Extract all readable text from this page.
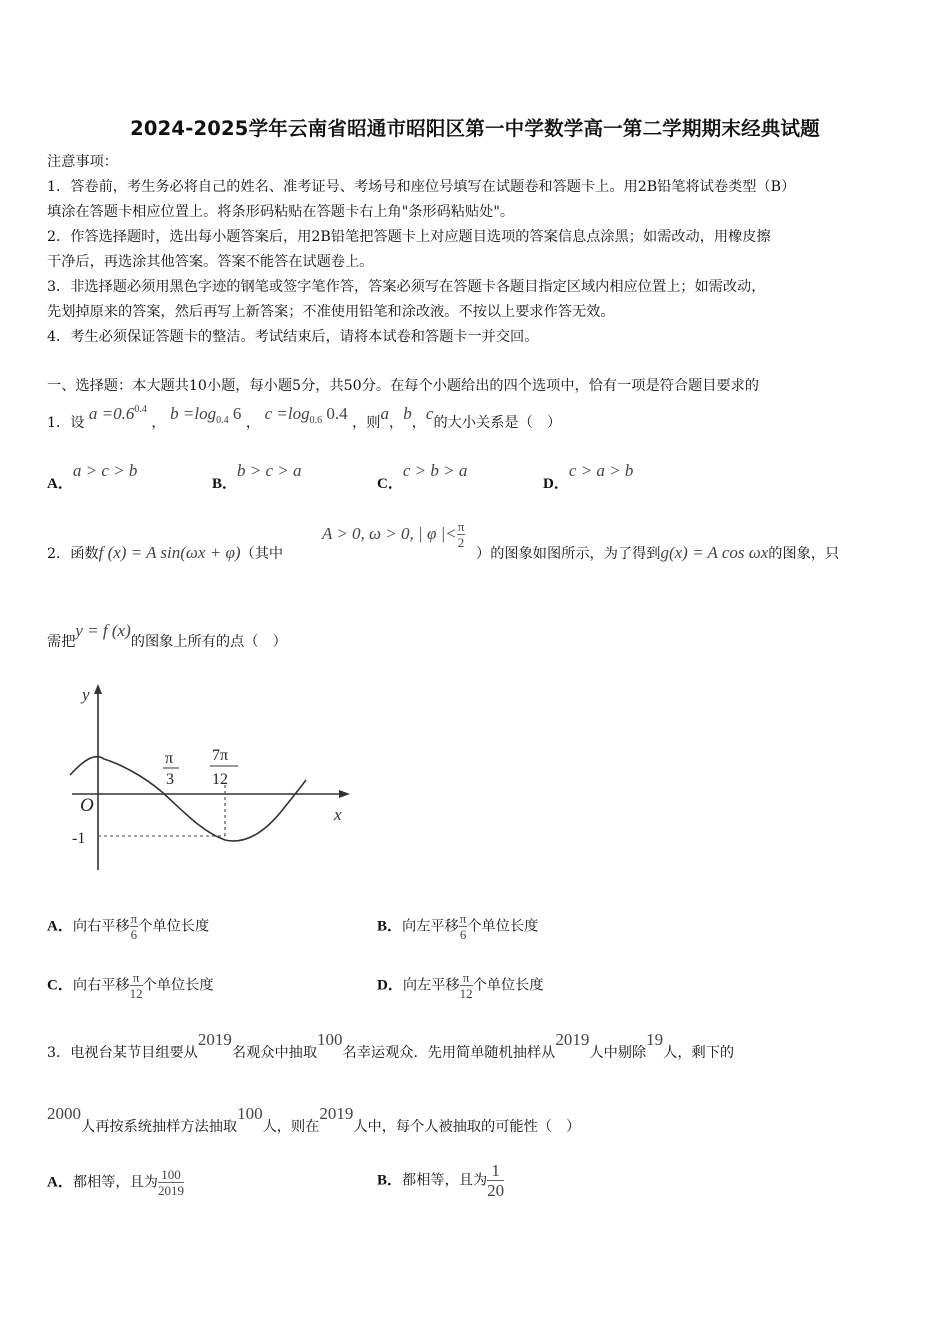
2024-2025学年云南省昭通市昭阳区第一中学数学高一第二学期期末经典试题
注意事项：
1．答卷前，考生务必将自己的姓名、准考证号、考场号和座位号填写在试题卷和答题卡上。用2B铅笔将试卷类型（B）
填涂在答题卡相应位置上。将条形码粘贴在答题卡右上角"条形码粘贴处"。
2．作答选择题时，选出每小题答案后，用2B铅笔把答题卡上对应题目选项的答案信息点涂黑；如需改动，用橡皮擦
干净后，再选涂其他答案。答案不能答在试题卷上。
3．非选择题必须用黑色字迹的钢笔或签字笔作答，答案必须写在答题卡各题目指定区域内相应位置上；如需改动，
先划掉原来的答案，然后再写上新答案；不准使用铅笔和涂改液。不按以上要求作答无效。
4．考生必须保证答题卡的整洁。考试结束后，请将本试卷和答题卡一并交回。
一、选择题：本大题共10小题，每小题5分，共50分。在每个小题给出的四个选项中，恰有一项是符合题目要求的
1．设 $a =0.6^{0.4}$ ， $b =\log_{0.4}$ 6 ， $c =\log_{0.6}$ 0.4 ，则a，b，c的大小关系是（　）
A．a > c > b
B．b > c > a
C．c > b > a
D．c > a > b
2．函数f (x) = A sin(ωx + φ)（其中
A > 0, ω > 0, | φ |< $\frac{\pi}{2}$
）的图象如图所示，为了得到g(x) = A cos ωx的图象，只
需把y = f (x)的图象上所有的点（　）
y
x
O
-1
π
3
7π
12
A．向右平移 $\frac{\pi}{6}$ 个单位长度	B．向左平移 $\frac{\pi}{6}$ 个单位长度
C．向右平移 $\frac{\pi}{12}$ 个单位长度	D．向左平移 $\frac{\pi}{12}$ 个单位长度
3．电视台某节目组要从2019名观众中抽取100名幸运观众．先用简单随机抽样从2019人中剔除19人，剩下的
2000人再按系统抽样方法抽取100人，则在2019人中，每个人被抽取的可能性（　）
A．都相等，且为 $\frac{100}{2019}$	B．都相等，且为 $\frac{1}{20}$
